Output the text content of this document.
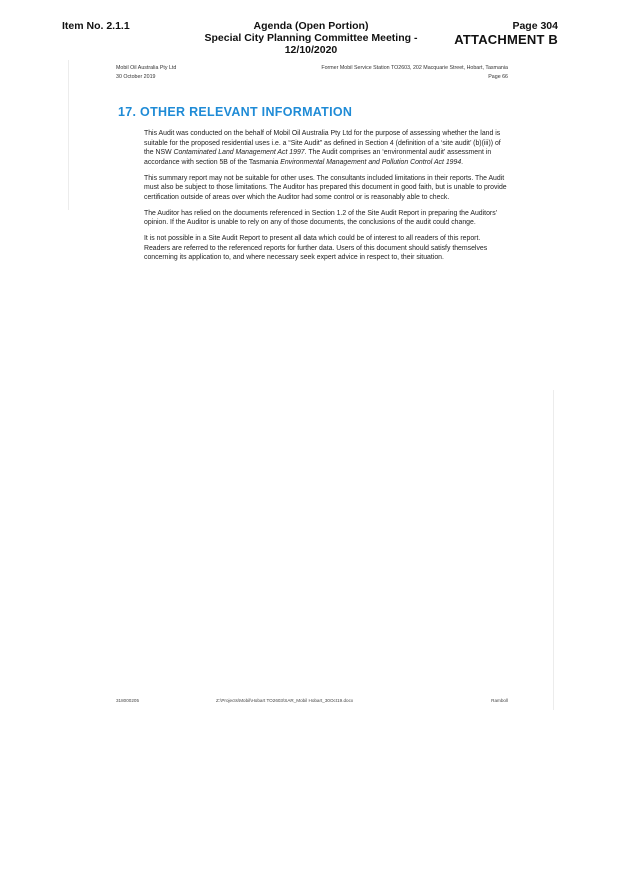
Item No. 2.1.1	Agenda (Open Portion)
Special City Planning Committee Meeting - 12/10/2020
Page 304
ATTACHMENT B
Mobil Oil Australia Pty Ltd
30 October 2019
Former Mobil Service Station TO2603, 202 Macquarie Street, Hobart, Tasmania
Page 66
17. OTHER RELEVANT INFORMATION

This Audit was conducted on the behalf of Mobil Oil Australia Pty Ltd for the purpose of assessing whether the land is suitable for the proposed residential uses i.e. a “Site Audit” as defined in Section 4 (definition of a ‘site audit’ (b)(iii)) of the NSW Contaminated Land Management Act 1997. The Audit comprises an ‘environmental audit’ assessment in accordance with section 5B of the Tasmania Environmental Management and Pollution Control Act 1994.

This summary report may not be suitable for other uses. The consultants included limitations in their reports. The Audit must also be subject to those limitations. The Auditor has prepared this document in good faith, but is unable to provide certification outside of areas over which the Auditor had some control or is reasonably able to check.

The Auditor has relied on the documents referenced in Section 1.2 of the Site Audit Report in preparing the Auditors’ opinion. If the Auditor is unable to rely on any of those documents, the conclusions of the audit could change.

It is not possible in a Site Audit Report to present all data which could be of interest to all readers of this report. Readers are referred to the referenced reports for further data. Users of this document should satisfy themselves concerning its application to, and where necessary seek expert advice in respect to, their situation.

318000205	Z:\Projects\Mobil\Hobart TO2603\SAR_Mobil Hobart_30Oct19.docx	Ramboll
